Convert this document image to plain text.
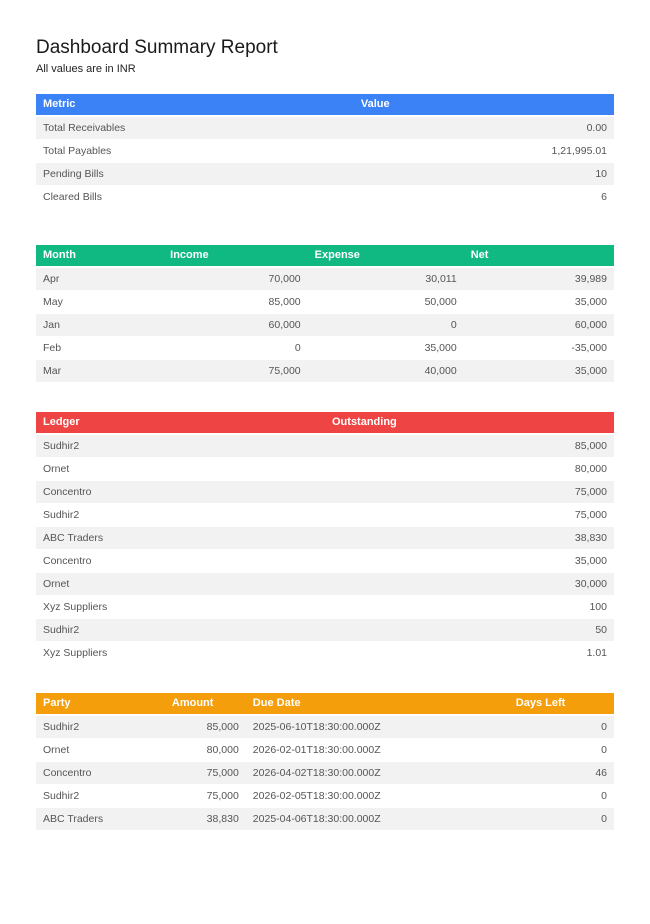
Dashboard Summary Report

All values are in INR

Metric	Value
Total Receivables	0.00
Total Payables	1,21,995.01
Pending Bills	10
Cleared Bills	6
Month	Income	Expense	Net
Apr	70,000	30,011	39,989
May	85,000	50,000	35,000
Jan	60,000	0	60,000
Feb	0	35,000	-35,000
Mar	75,000	40,000	35,000
Ledger	Outstanding
Sudhir2	85,000
Ornet	80,000
Concentro	75,000
Sudhir2	75,000
ABC Traders	38,830
Concentro	35,000
Ornet	30,000
Xyz Suppliers	100
Sudhir2	50
Xyz Suppliers	1.01
Party	Amount	Due Date	Days Left
Sudhir2	85,000	2025-06-10T18:30:00.000Z	0
Ornet	80,000	2026-02-01T18:30:00.000Z	0
Concentro	75,000	2026-04-02T18:30:00.000Z	46
Sudhir2	75,000	2026-02-05T18:30:00.000Z	0
ABC Traders	38,830	2025-04-06T18:30:00.000Z	0
